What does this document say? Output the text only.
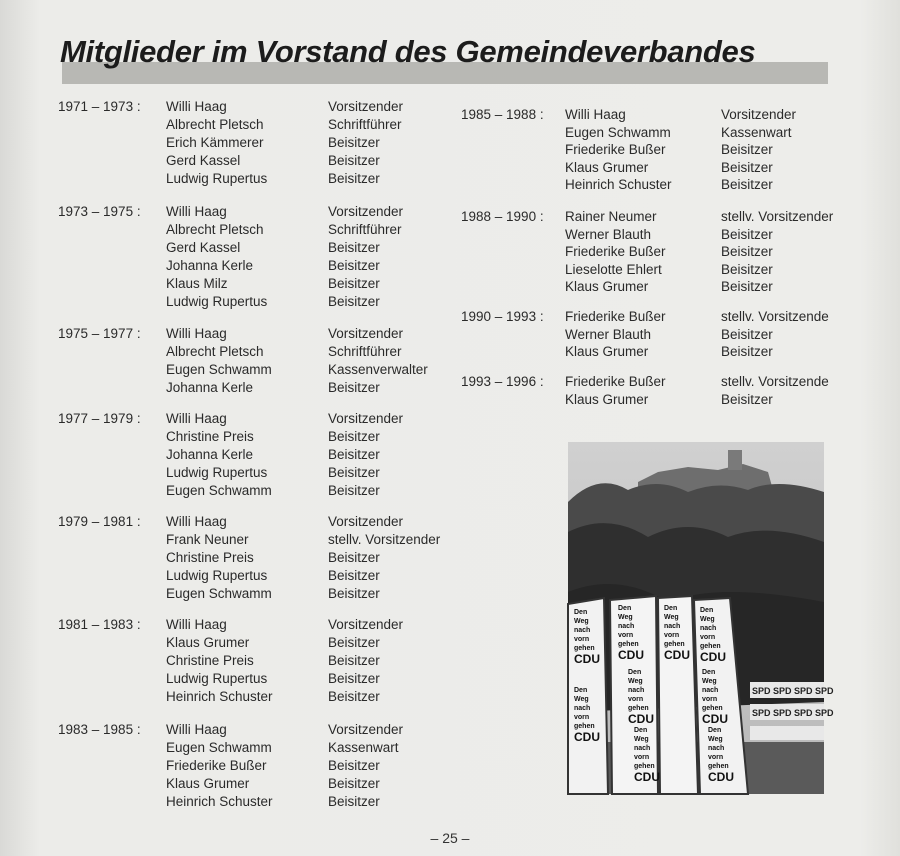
Mitglieder im Vorstand des Gemeindeverbandes
1971 – 1973 : Willi Haag
Albrecht Pletsch
Erich Kämmerer
Gerd Kassel
Ludwig Rupertus
Vorsitzender
Schriftführer
Beisitzer
Beisitzer
Beisitzer
1973 – 1975 : Willi Haag
Albrecht Pletsch
Gerd Kassel
Johanna Kerle
Klaus Milz
Ludwig Rupertus
Vorsitzender
Schriftführer
Beisitzer
Beisitzer
Beisitzer
Beisitzer
1975 – 1977 : Willi Haag
Albrecht Pletsch
Eugen Schwamm
Johanna Kerle
Vorsitzender
Schriftführer
Kassenverwalter
Beisitzer
1977 – 1979 : Willi Haag
Christine Preis
Johanna Kerle
Ludwig Rupertus
Eugen Schwamm
Vorsitzender
Beisitzer
Beisitzer
Beisitzer
Beisitzer
1979 – 1981 : Willi Haag
Frank Neuner
Christine Preis
Ludwig Rupertus
Eugen Schwamm
Vorsitzender
stellv. Vorsitzender
Beisitzer
Beisitzer
Beisitzer
1981 – 1983 : Willi Haag
Klaus Grumer
Christine Preis
Ludwig Rupertus
Heinrich Schuster
Vorsitzender
Beisitzer
Beisitzer
Beisitzer
Beisitzer
1983 – 1985 : Willi Haag
Eugen Schwamm
Friederike Bußer
Klaus Grumer
Heinrich Schuster
Vorsitzender
Kassenwart
Beisitzer
Beisitzer
Beisitzer
1985 – 1988 : Willi Haag
Eugen Schwamm
Friederike Bußer
Klaus Grumer
Heinrich Schuster
Vorsitzender
Kassenwart
Beisitzer
Beisitzer
Beisitzer
1988 – 1990 : Rainer Neumer
Werner Blauth
Friederike Bußer
Lieselotte Ehlert
Klaus Grumer
stellv. Vorsitzender
Beisitzer
Beisitzer
Beisitzer
Beisitzer
1990 – 1993 : Friederike Bußer
Werner Blauth
Klaus Grumer
stellv. Vorsitzende
Beisitzer
Beisitzer
1993 – 1996 : Friederike Bußer
Klaus Grumer
stellv. Vorsitzende
Beisitzer
SPD SPD SPD SPD
SPD SPD SPD SPD
Den
Weg
nach
vorn
gehen
CDU
Den
Weg
nach
vorn
gehen
CDU
Den
Weg
nach
vorn
gehen
CDU
Den
Weg
nach
vorn
gehen
CDU
Den
Weg
nach
vorn
gehen
CDU
Den
Weg
nach
vorn
gehen
CDU
Den
Weg
nach
vorn
gehen
CDU	Den
Weg
nach
vorn
gehen
CDU
Den
Weg
nach
vorn
gehen
CDU
– 25 –
